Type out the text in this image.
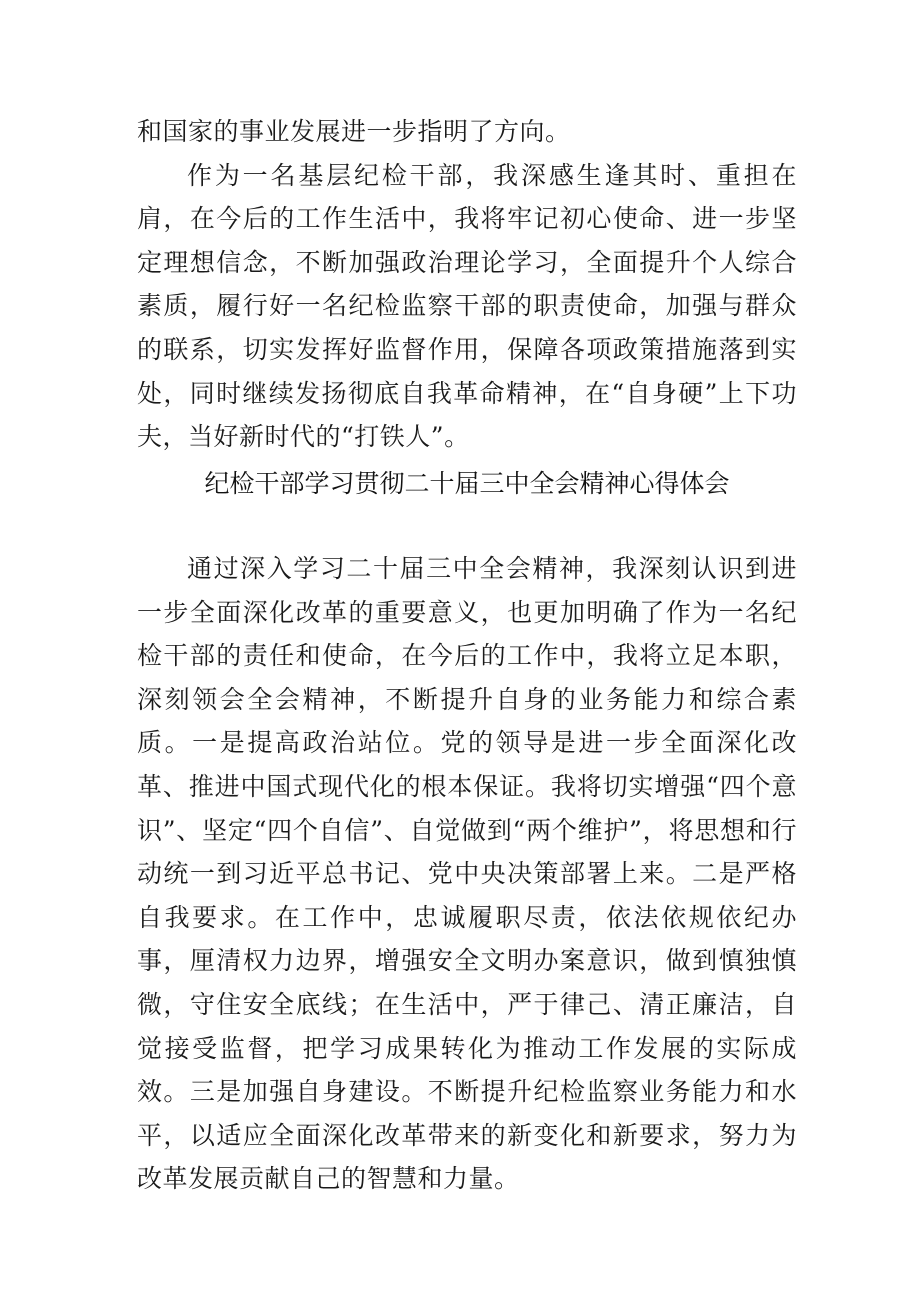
和国家的事业发展进一步指明了方向。

作为一名基层纪检干部，我深感生逢其时、重担在肩，在今后的工作生活中，我将牢记初心使命、进一步坚定理想信念，不断加强政治理论学习，全面提升个人综合素质，履行好一名纪检监察干部的职责使命，加强与群众的联系，切实发挥好监督作用，保障各项政策措施落到实处，同时继续发扬彻底自我革命精神，在“自身硬”上下功夫，当好新时代的“打铁人”。

纪检干部学习贯彻二十届三中全会精神心得体会

通过深入学习二十届三中全会精神，我深刻认识到进一步全面深化改革的重要意义，也更加明确了作为一名纪检干部的责任和使命，在今后的工作中，我将立足本职，深刻领会全会精神，不断提升自身的业务能力和综合素质。一是提高政治站位。党的领导是进一步全面深化改革、推进中国式现代化的根本保证。我将切实增强“四个意识”、坚定“四个自信”、自觉做到“两个维护”，将思想和行动统一到习近平总书记、党中央决策部署上来。二是严格自我要求。在工作中，忠诚履职尽责，依法依规依纪办事，厘清权力边界，增强安全文明办案意识，做到慎独慎微，守住安全底线；在生活中，严于律己、清正廉洁，自觉接受监督，把学习成果转化为推动工作发展的实际成效。三是加强自身建设。不断提升纪检监察业务能力和水平，以适应全面深化改革带来的新变化和新要求，努力为改革发展贡献自己的智慧和力量。
